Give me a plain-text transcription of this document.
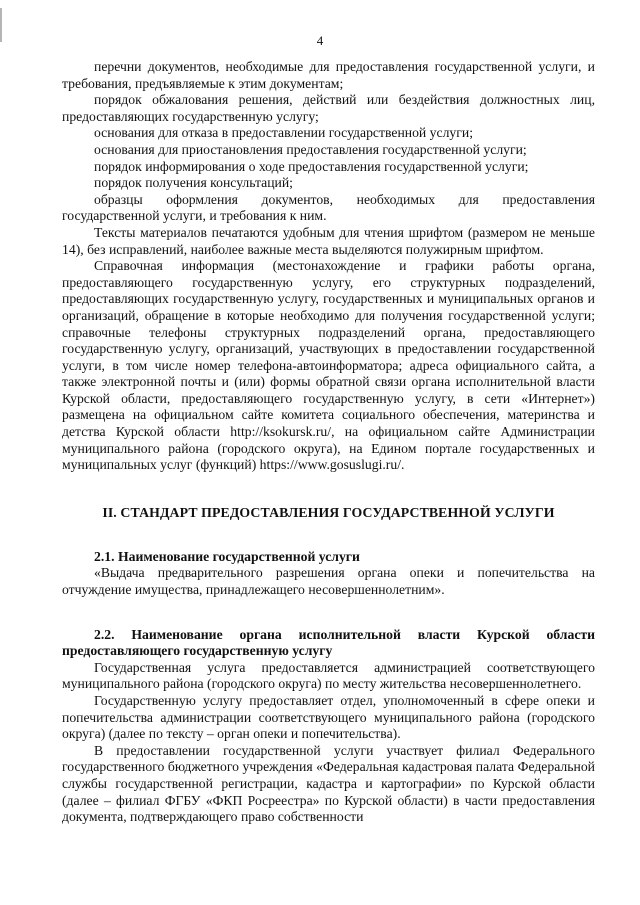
4

перечни документов, необходимые для предоставления государственной услуги, и требования, предъявляемые к этим документам;

порядок обжалования решения, действий или бездействия должностных лиц, предоставляющих государственную услугу;

основания для отказа в предоставлении государственной услуги;

основания для приостановления предоставления государственной услуги;

порядок информирования о ходе предоставления государственной услуги;

порядок получения консультаций;

образцы оформления документов, необходимых для предоставления государственной услуги, и требования к ним.

Тексты материалов печатаются удобным для чтения шрифтом (размером не меньше 14), без исправлений, наиболее важные места выделяются полужирным шрифтом.

Справочная информация (местонахождение и графики работы органа, предоставляющего государственную услугу, его структурных подразделений, предоставляющих государственную услугу, государственных и муниципальных органов и организаций, обращение в которые необходимо для получения государственной услуги; справочные телефоны структурных подразделений органа, предоставляющего государственную услугу, организаций, участвующих в предоставлении государственной услуги, в том числе номер телефона-автоинформатора; адреса официального сайта, а также электронной почты и (или) формы обратной связи органа исполнительной власти Курской области, предоставляющего государственную услугу, в сети «Интернет») размещена на официальном сайте комитета социального обеспечения, материнства и детства Курской области http://ksokursk.ru/, на официальном сайте Администрации муниципального района (городского округа), на Едином портале государственных и муниципальных услуг (функций) https://www.gosuslugi.ru/.

II. СТАНДАРТ ПРЕДОСТАВЛЕНИЯ ГОСУДАРСТВЕННОЙ УСЛУГИ
2.1. Наименование государственной услуги

«Выдача предварительного разрешения органа опеки и попечительства на отчуждение имущества, принадлежащего несовершеннолетним».

2.2. Наименование органа исполнительной власти Курской области предоставляющего государственную услугу

Государственная услуга предоставляется администрацией соответствующего муниципального района (городского округа) по месту жительства несовершеннолетнего.

Государственную услугу предоставляет отдел, уполномоченный в сфере опеки и попечительства администрации соответствующего муниципального района (городского округа) (далее по тексту – орган опеки и попечительства).

В предоставлении государственной услуги участвует филиал Федерального государственного бюджетного учреждения «Федеральная кадастровая палата Федеральной службы государственной регистрации, кадастра и картографии» по Курской области (далее – филиал ФГБУ «ФКП Росреестра» по Курской области) в части предоставления документа, подтверждающего право собственности
